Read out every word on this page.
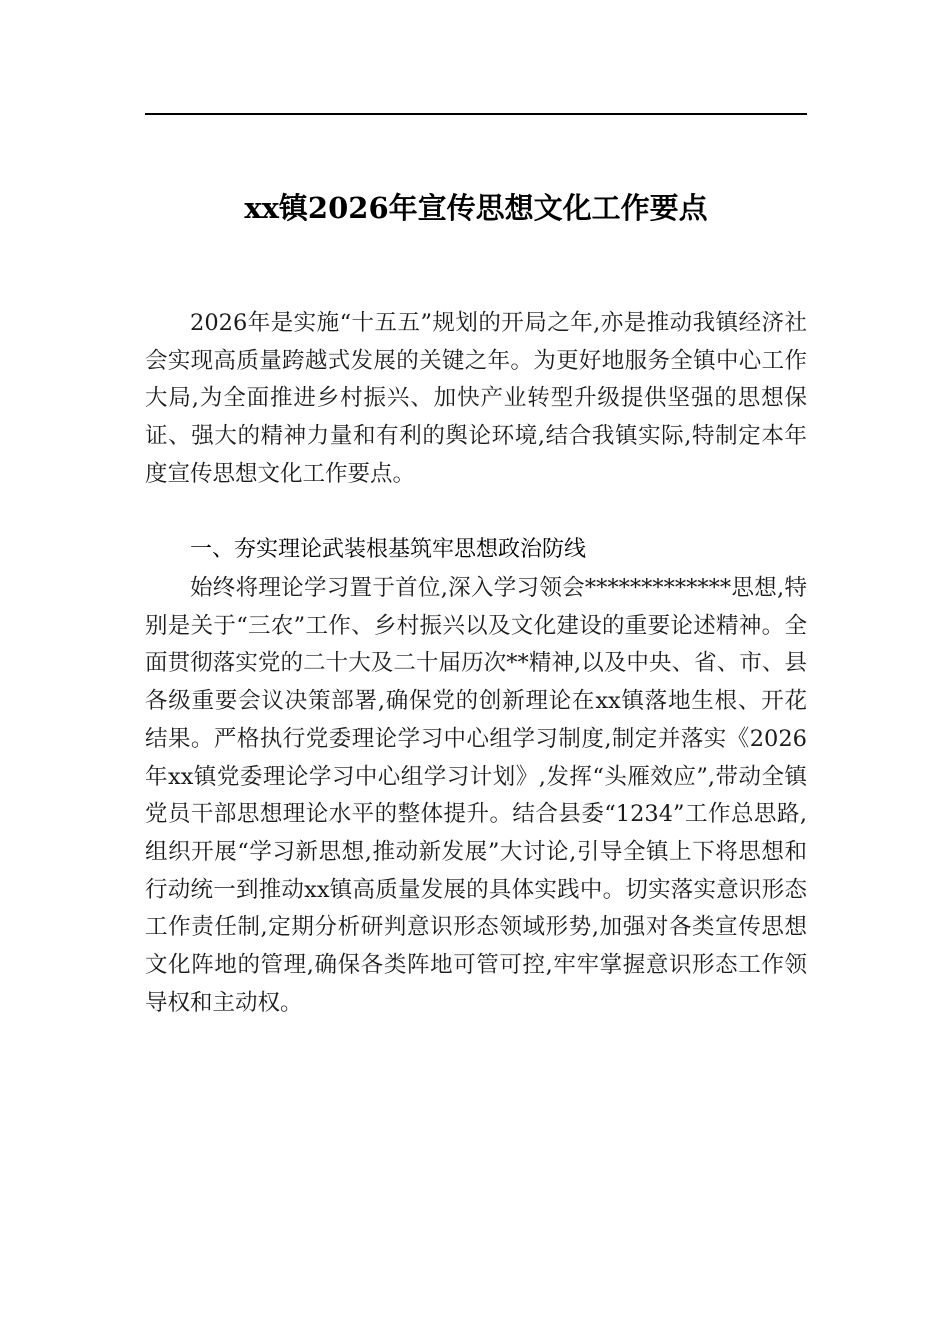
xx镇2026年宣传思想文化工作要点

2026年是实施“十五五”规划的开局之年,亦是推动我镇经济社会实现高质量跨越式发展的关键之年。为更好地服务全镇中心工作大局,为全面推进乡村振兴、加快产业转型升级提供坚强的思想保证、强大的精神力量和有利的舆论环境,结合我镇实际,特制定本年度宣传思想文化工作要点。

一、夯实理论武装根基筑牢思想政治防线

始终将理论学习置于首位,深入学习领会*************思想,特别是关于“三农”工作、乡村振兴以及文化建设的重要论述精神。全面贯彻落实党的二十大及二十届历次**精神,以及中央、省、市、县各级重要会议决策部署,确保党的创新理论在xx镇落地生根、开花结果。严格执行党委理论学习中心组学习制度,制定并落实《2026年xx镇党委理论学习中心组学习计划》,发挥“头雁效应”,带动全镇党员干部思想理论水平的整体提升。结合县委“1234”工作总思路,组织开展“学习新思想,推动新发展”大讨论,引导全镇上下将思想和行动统一到推动xx镇高质量发展的具体实践中。切实落实意识形态工作责任制,定期分析研判意识形态领域形势,加强对各类宣传思想文化阵地的管理,确保各类阵地可管可控,牢牢掌握意识形态工作领导权和主动权。
